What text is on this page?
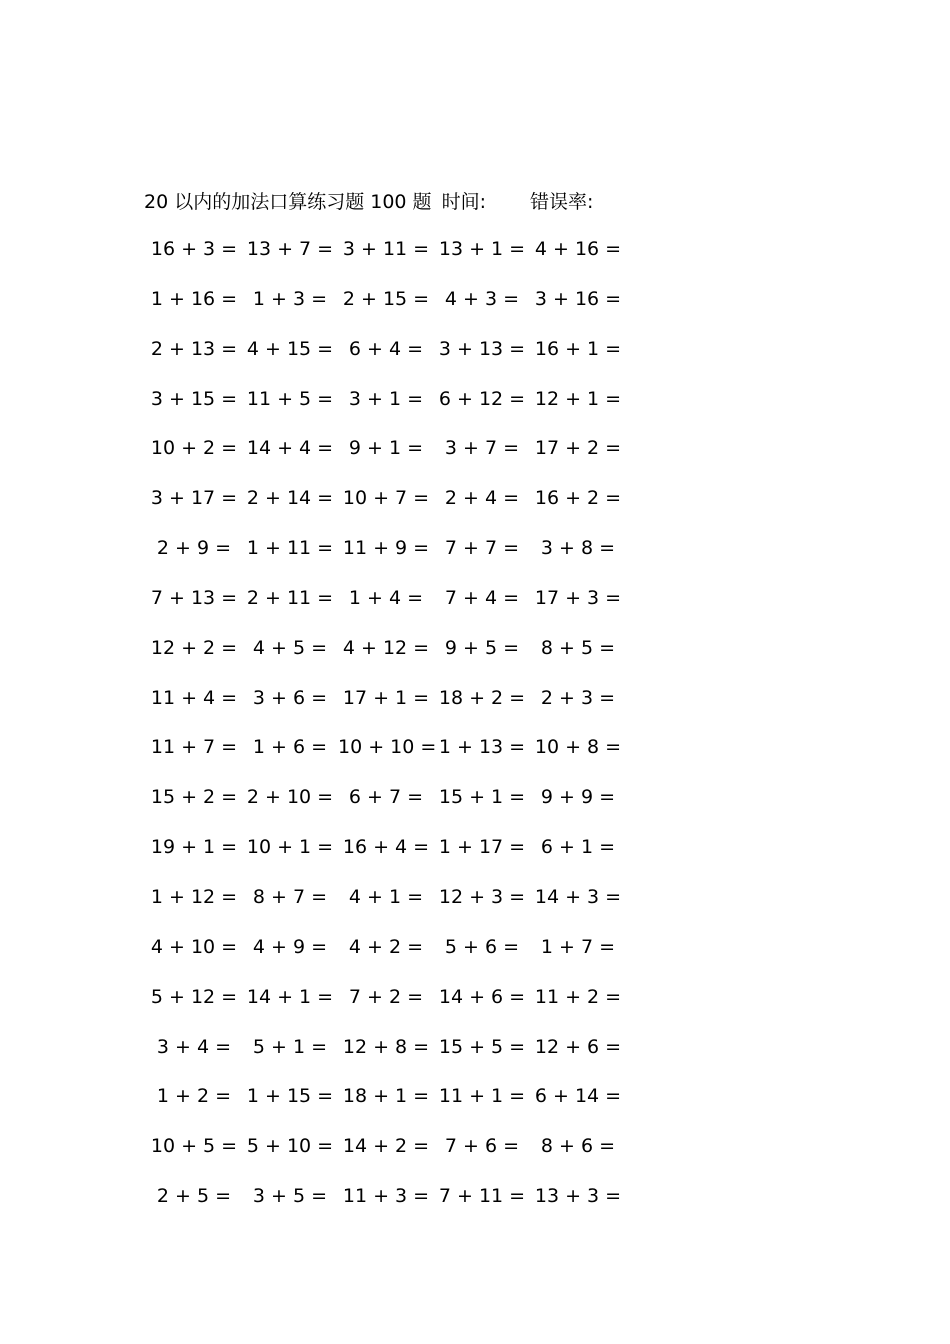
20 以内的加法口算练习题 100 题 时间: 错误率:
16 + 3 = 13 + 7 = 3 + 11 = 13 + 1 = 4 + 16 =
1 + 16 = 1 + 3 = 2 + 15 = 4 + 3 = 3 + 16 =
2 + 13 = 4 + 15 = 6 + 4 = 3 + 13 = 16 + 1 =
3 + 15 = 11 + 5 = 3 + 1 = 6 + 12 = 12 + 1 =
10 + 2 = 14 + 4 = 9 + 1 =	3 + 7 = 17 + 2 =
3 + 17 = 2 + 14 = 10 + 7 = 2 + 4 = 16 + 2 =
2 + 9 = 1 + 11 = 11 + 9 = 7 + 7 =	3 + 8 =
7 + 13 = 2 + 11 = 1 + 4 =	7 + 4 = 17 + 3 =
12 + 2 = 4 + 5 = 4 + 12 = 9 + 5 =	8 + 5 =
11 + 4 = 3 + 6 = 17 + 1 = 18 + 2 = 2 + 3 =
11 + 7 = 1 + 6 = 10 + 10 = 1 + 13 = 10 + 8 =
15 + 2 = 2 + 10 = 6 + 7 = 15 + 1 = 9 + 9 =
19 + 1 = 10 + 1 = 16 + 4 = 1 + 17 = 6 + 1 =
1 + 12 = 8 + 7 =	4 + 1 = 12 + 3 = 14 + 3 =
4 + 10 = 4 + 9 =	4 + 2 =	5 + 6 =	1 + 7 =
5 + 12 = 14 + 1 = 7 + 2 = 14 + 6 = 11 + 2 =
3 + 4 =	5 + 1 = 12 + 8 = 15 + 5 = 12 + 6 =
1 + 2 = 1 + 15 = 18 + 1 = 11 + 1 = 6 + 14 =
10 + 5 = 5 + 10 = 14 + 2 = 7 + 6 =	8 + 6 =
2 + 5 =	3 + 5 = 11 + 3 = 7 + 11 = 13 + 3 =
